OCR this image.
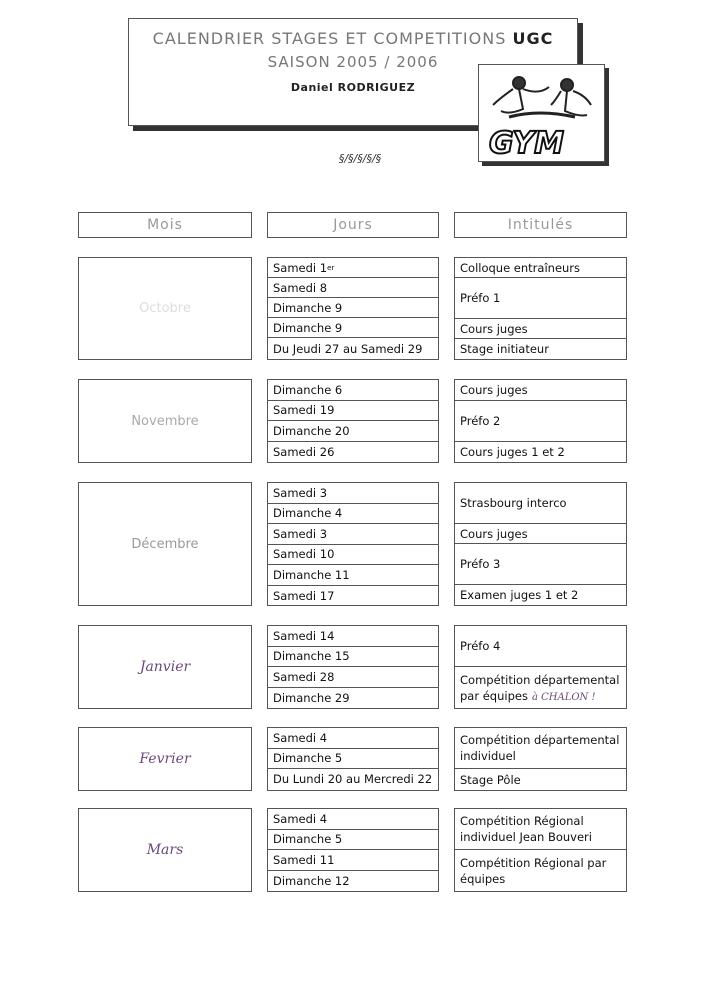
CALENDRIER STAGES ET COMPETITIONS UGC
SAISON 2005 / 2006
Daniel RODRIGUEZ
GYM
§/§/§/§/§
Mois	Jours	Intitulés
Octobre
Samedi 1 er
Samedi 8
Dimanche 9
Dimanche 9
Du Jeudi 27 au Samedi 29
Colloque entraîneurs
Préfo 1
Cours juges
Stage initiateur
Novembre
Dimanche 6
Samedi 19
Dimanche 20
Samedi 26
Cours juges
Préfo 2
Cours juges 1 et 2
Décembre
Samedi 3
Dimanche 4
Samedi 3
Samedi 10
Dimanche 11
Samedi 17
Strasbourg interco
Cours juges
Préfo 3
Examen juges 1 et 2
Janvier
Samedi 14
Dimanche 15
Samedi 28
Dimanche 29
Préfo 4
Compétition départemental par équipes à CHALON !
Fevrier
Samedi 4
Dimanche 5
Du Lundi 20 au Mercredi 22
Compétition départemental individuel
Stage Pôle
Mars
Samedi 4
Dimanche 5
Samedi 11
Dimanche 12
Compétition Régional individuel Jean Bouveri
Compétition Régional par équipes
